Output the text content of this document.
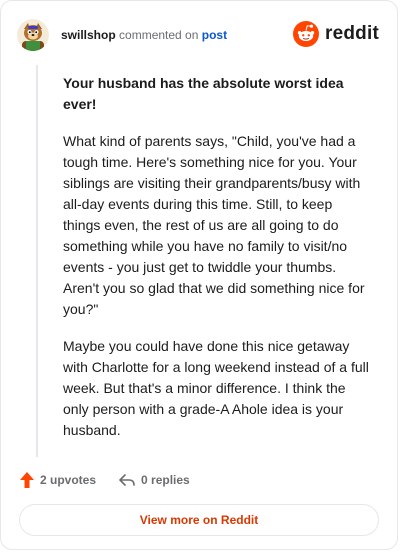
swillshop commented on post	reddit
Your husband has the absolute worst idea ever!

What kind of parents says, "Child, you've had a tough time. Here's something nice for you. Your siblings are visiting their grandparents/busy with all-day events during this time. Still, to keep things even, the rest of us are all going to do something while you have no family to visit/no events - you just get to twiddle your thumbs. Aren't you so glad that we did something nice for you?"

Maybe you could have done this nice getaway with Charlotte for a long weekend instead of a full week. But that's a minor difference. I think the only person with a grade-A Ahole idea is your husband.

2 upvotes	0 replies
View more on Reddit
